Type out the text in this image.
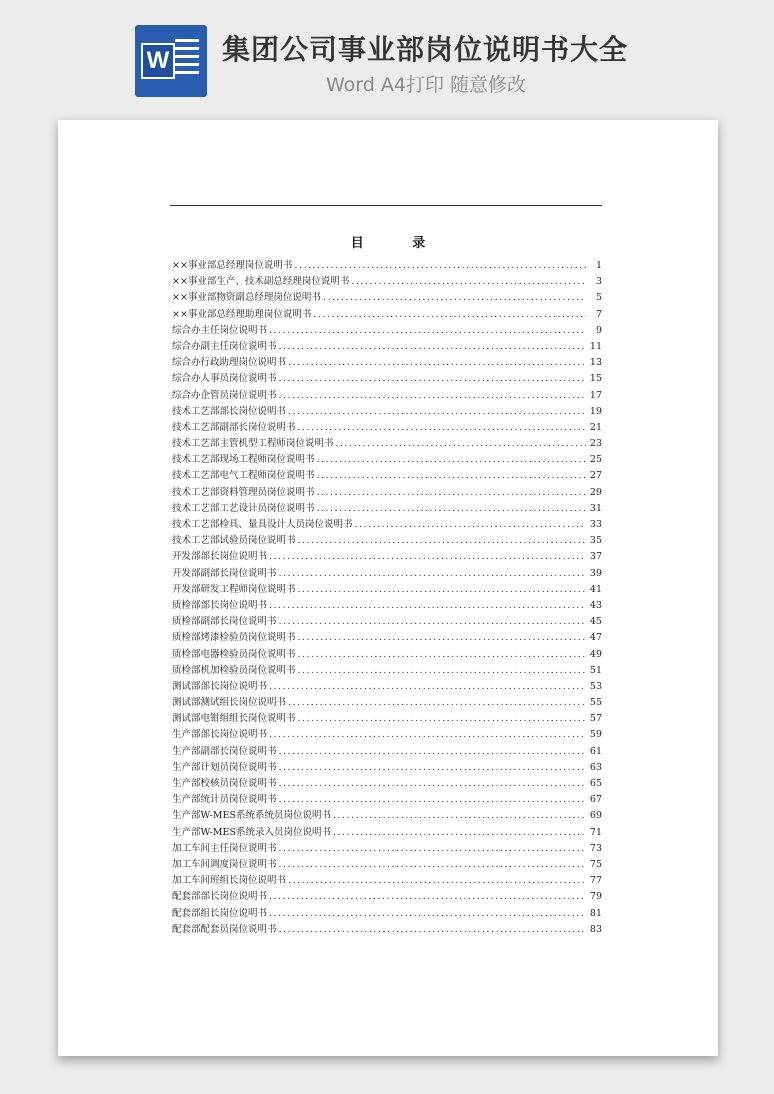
W 集团公司事业部岗位说明书大全
Word A4打印 随意修改
目 录
××事业部总经理岗位说明书 .....	1
××事业部生产、技术副总经理岗位说明书 .....	3
××事业部物资副总经理岗位说明书 .....	5
××事业部总经理助理岗位说明书 .....	7
综合办主任岗位说明书 .....	9
综合办副主任岗位说明书 .....	11
综合办行政助理岗位说明书 .....	13
综合办人事员岗位说明书 .....	15
综合办企管员岗位说明书 .....	17
技术工艺部部长岗位说明书 .....	19
技术工艺部副部长岗位说明书 .....	21
技术工艺部主管机型工程师岗位说明书 .....	23
技术工艺部现场工程师岗位说明书 .....	25
技术工艺部电气工程师岗位说明书 .....	27
技术工艺部资料管理员岗位说明书 .....	29
技术工艺部工艺设计员岗位说明书 .....	31
技术工艺部检具、量具设计人员岗位说明书 .....	33
技术工艺部试验员岗位说明书 .....	35
开发部部长岗位说明书 .....	37
开发部副部长岗位说明书 .....	39
开发部研发工程师岗位说明书 .....	41
质检部部长岗位说明书 .....	43
质检部副部长岗位说明书 .....	45
质检部烤漆检验员岗位说明书 .....	47
质检部电器检验员岗位说明书 .....	49
质检部机加检验员岗位说明书 .....	51
测试部部长岗位说明书 .....	53
测试部测试组长岗位说明书 .....	55
测试部电钳组组长岗位说明书 .....	57
生产部部长岗位说明书 .....	59
生产部副部长岗位说明书 .....	61
生产部计划员岗位说明书 .....	63
生产部校核员岗位说明书 .....	65
生产部统计员岗位说明书 .....	67
生产部W-MES系统系统员岗位说明书 .....	69
生产部W-MES系统录入员岗位说明书 .....	71
加工车间主任岗位说明书 .....	73
加工车间调度岗位说明书 .....	75
加工车间班组长岗位说明书 .....	77
配套部部长岗位说明书 .....	79
配套部组长岗位说明书 .....	81
配套部配套员岗位说明书 .....	83
